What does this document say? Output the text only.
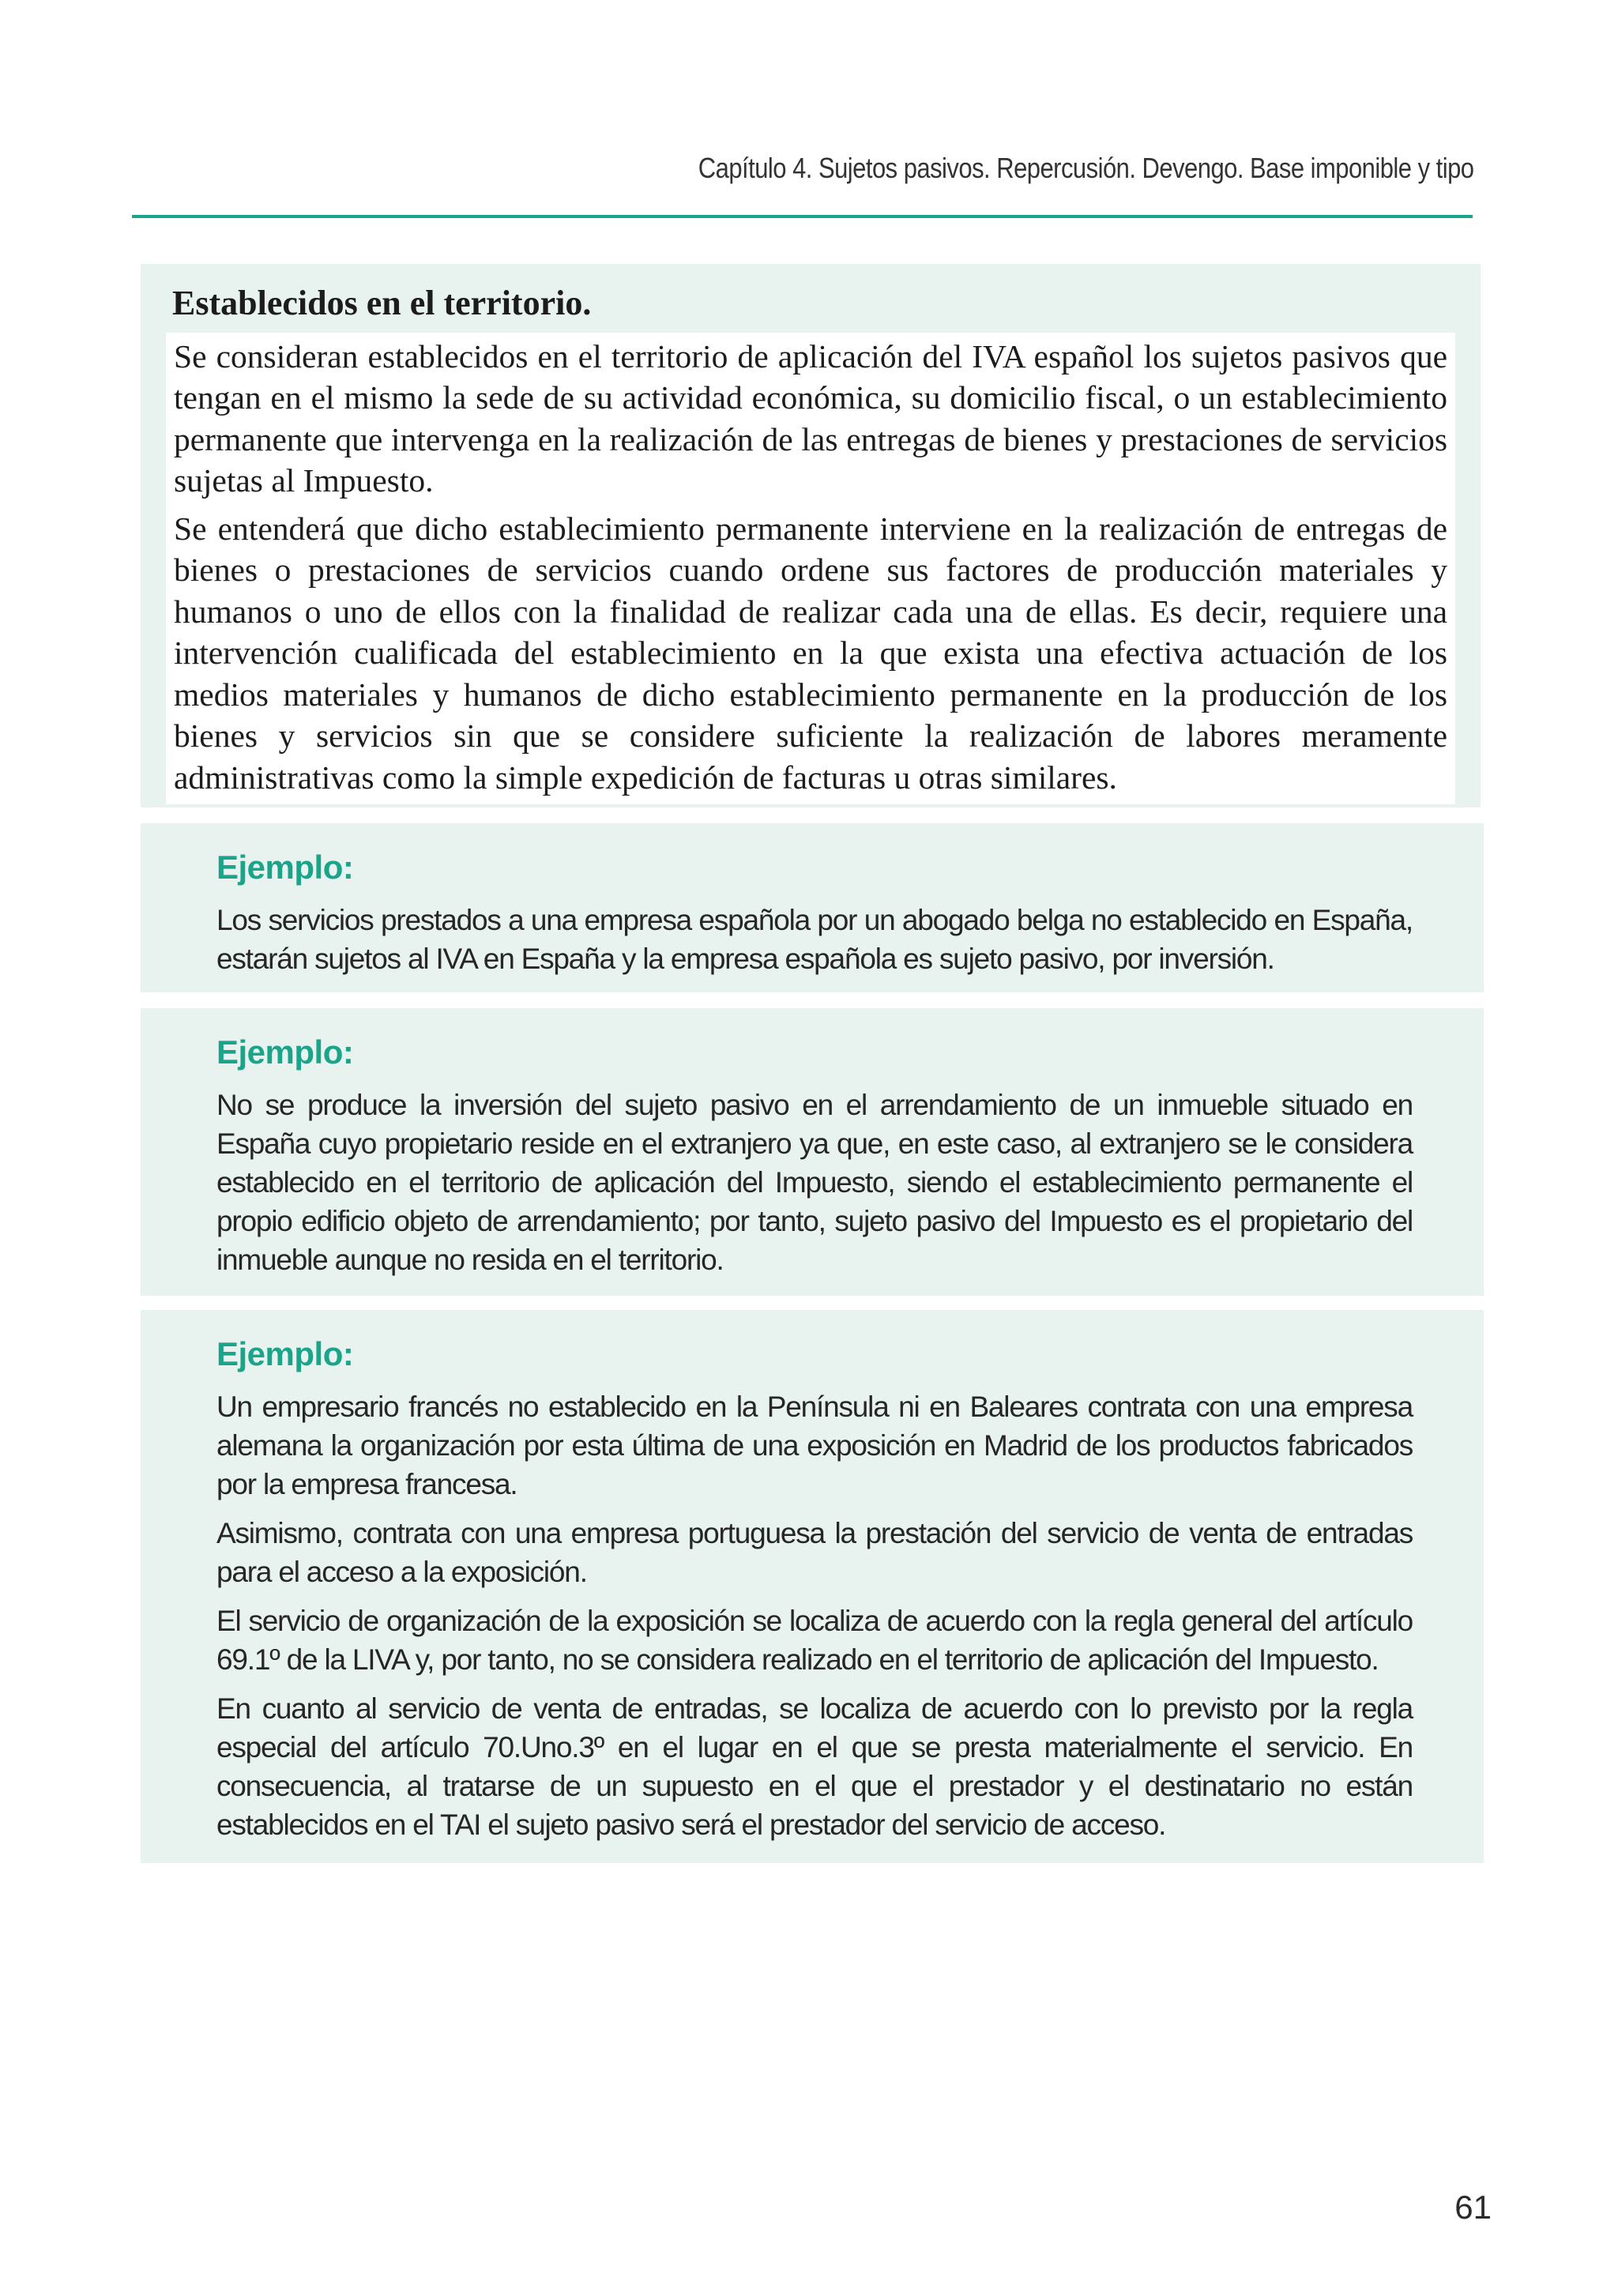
Capítulo 4. Sujetos pasivos. Repercusión. Devengo. Base imponible y tipo
Establecidos en el territorio.

Se consideran establecidos en el territorio de aplicación del IVA español los sujetos pasivos que tengan en el mismo la sede de su actividad económica, su domicilio fiscal, o un establecimiento permanente que intervenga en la realización de las entregas de bienes y prestaciones de servicios sujetas al Impuesto.

Se entenderá que dicho establecimiento permanente interviene en la realización de entregas de bienes o prestaciones de servicios cuando ordene sus factores de producción materiales y humanos o uno de ellos con la finalidad de realizar cada una de ellas. Es decir, requiere una intervención cualificada del establecimiento en la que exista una efectiva actuación de los medios materiales y humanos de dicho establecimiento permanente en la producción de los bienes y servicios sin que se considere suficiente la realización de labores meramente administrativas como la simple expedición de facturas u otras similares.

Ejemplo:

Los servicios prestados a una empresa española por un abogado belga no establecido en España, estarán sujetos al IVA en España y la empresa española es sujeto pasivo, por inversión.

Ejemplo:

No se produce la inversión del sujeto pasivo en el arrendamiento de un inmueble situado en España cuyo propietario reside en el extranjero ya que, en este caso, al extranjero se le considera establecido en el territorio de aplicación del Impuesto, siendo el establecimiento permanente el propio edificio objeto de arrendamiento; por tanto, sujeto pasivo del Impuesto es el propietario del inmueble aunque no resida en el territorio.

Ejemplo:

Un empresario francés no establecido en la Península ni en Baleares contrata con una empresa alemana la organización por esta última de una exposición en Madrid de los productos fabricados por la empresa francesa.

Asimismo, contrata con una empresa portuguesa la prestación del servicio de venta de entradas para el acceso a la exposición.

El servicio de organización de la exposición se localiza de acuerdo con la regla general del artículo 69.1º de la LIVA y, por tanto, no se considera realizado en el territorio de aplicación del Impuesto.

En cuanto al servicio de venta de entradas, se localiza de acuerdo con lo previsto por la regla especial del artículo 70.Uno.3º en el lugar en el que se presta materialmente el servicio. En consecuencia, al tratarse de un supuesto en el que el prestador y el destinatario no están establecidos en el TAI el sujeto pasivo será el prestador del servicio de acceso.

61
